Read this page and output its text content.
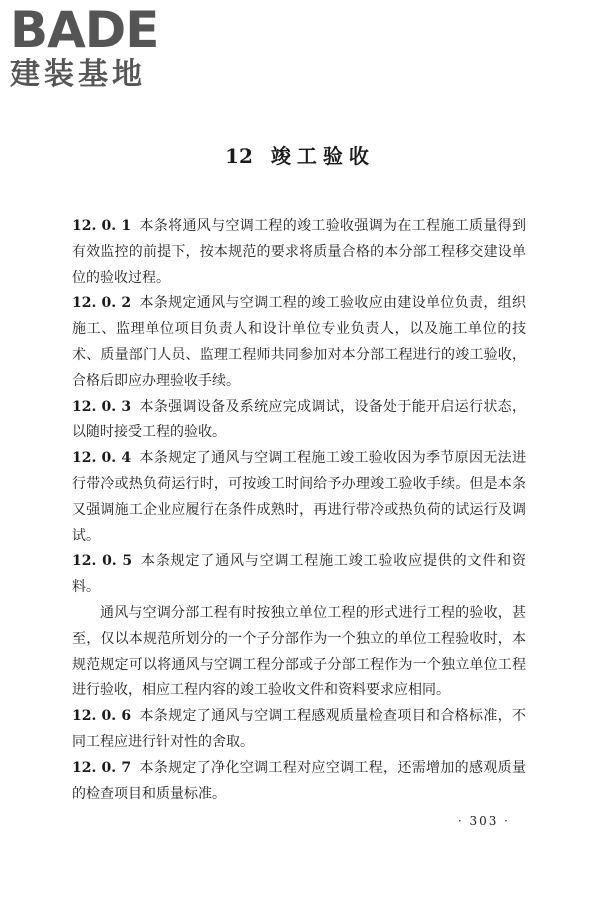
BADE
建装基地
12 竣工验收

12. 0. 1 本条将通风与空调工程的竣工验收强调为在工程施工质量得到有效监控的前提下，按本规范的要求将质量合格的本分部工程移交建设单位的验收过程。

12. 0. 2 本条规定通风与空调工程的竣工验收应由建设单位负责，组织施工、监理单位项目负责人和设计单位专业负责人，以及施工单位的技术、质量部门人员、监理工程师共同参加对本分部工程进行的竣工验收，合格后即应办理验收手续。

12. 0. 3 本条强调设备及系统应完成调试，设备处于能开启运行状态，以随时接受工程的验收。

12. 0. 4 本条规定了通风与空调工程施工竣工验收因为季节原因无法进行带冷或热负荷运行时，可按竣工时间给予办理竣工验收手续。但是本条又强调施工企业应履行在条件成熟时，再进行带冷或热负荷的试运行及调试。

12. 0. 5 本条规定了通风与空调工程施工竣工验收应提供的文件和资料。

通风与空调分部工程有时按独立单位工程的形式进行工程的验收，甚至，仅以本规范所划分的一个子分部作为一个独立的单位工程验收时，本规范规定可以将通风与空调工程分部或子分部工程作为一个独立单位工程进行验收，相应工程内容的竣工验收文件和资料要求应相同。

12. 0. 6 本条规定了通风与空调工程感观质量检查项目和合格标准，不同工程应进行针对性的舍取。

12. 0. 7 本条规定了净化空调工程对应空调工程，还需增加的感观质量的检查项目和质量标准。

· 303 ·
